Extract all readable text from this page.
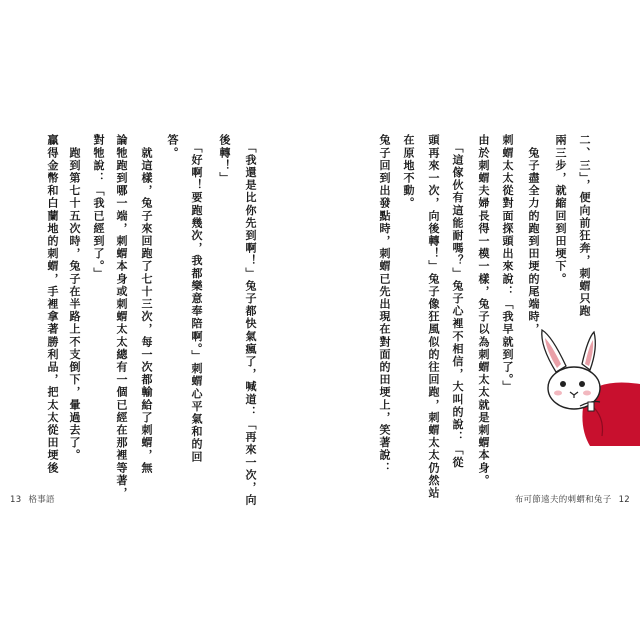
贏得金幣和白蘭地的刺蝟，手裡拿著勝利品，把太太從田埂後 　跑到第七十五次時，兔子在半路上不支倒下，暈過去了。 對牠說：「我已經到了。」 論牠跑到哪一端，刺蝟本身或刺蝟太太總有一個已經在那裡等著， 　就這樣，兔子來回跑了七十三次，每一次都輸給了刺蝟，無 答。 　「好啊！要跑幾次，我都樂意奉陪啊。」刺蝟心平氣和的回 後轉！」 　「我還是比你先到啊！」兔子都快氣瘋了，喊道：「再來一次，向
13 格事語
兔子回到出發點時，刺蝟已先出現在對面的田埂上，笑著說： 在原地不動。 頭再來一次，向後轉！」兔子像狂風似的往回跑，刺蝟太太仍然站 　「這傢伙有這能耐嗎？」兔子心裡不相信，大叫的說：「從 由於刺蝟夫婦長得一模一樣，兔子以為刺蝟太太就是刺蝟本身。 刺蝟太太從對面探頭出來說：「我早就到了。」 　兔子盡全力的跑到田埂的尾端時， 兩三步，就縮回到田埂下。 二、三」，便向前狂奔，刺蝟只跑
布可節遠夫的刺蝟和兔子 12
